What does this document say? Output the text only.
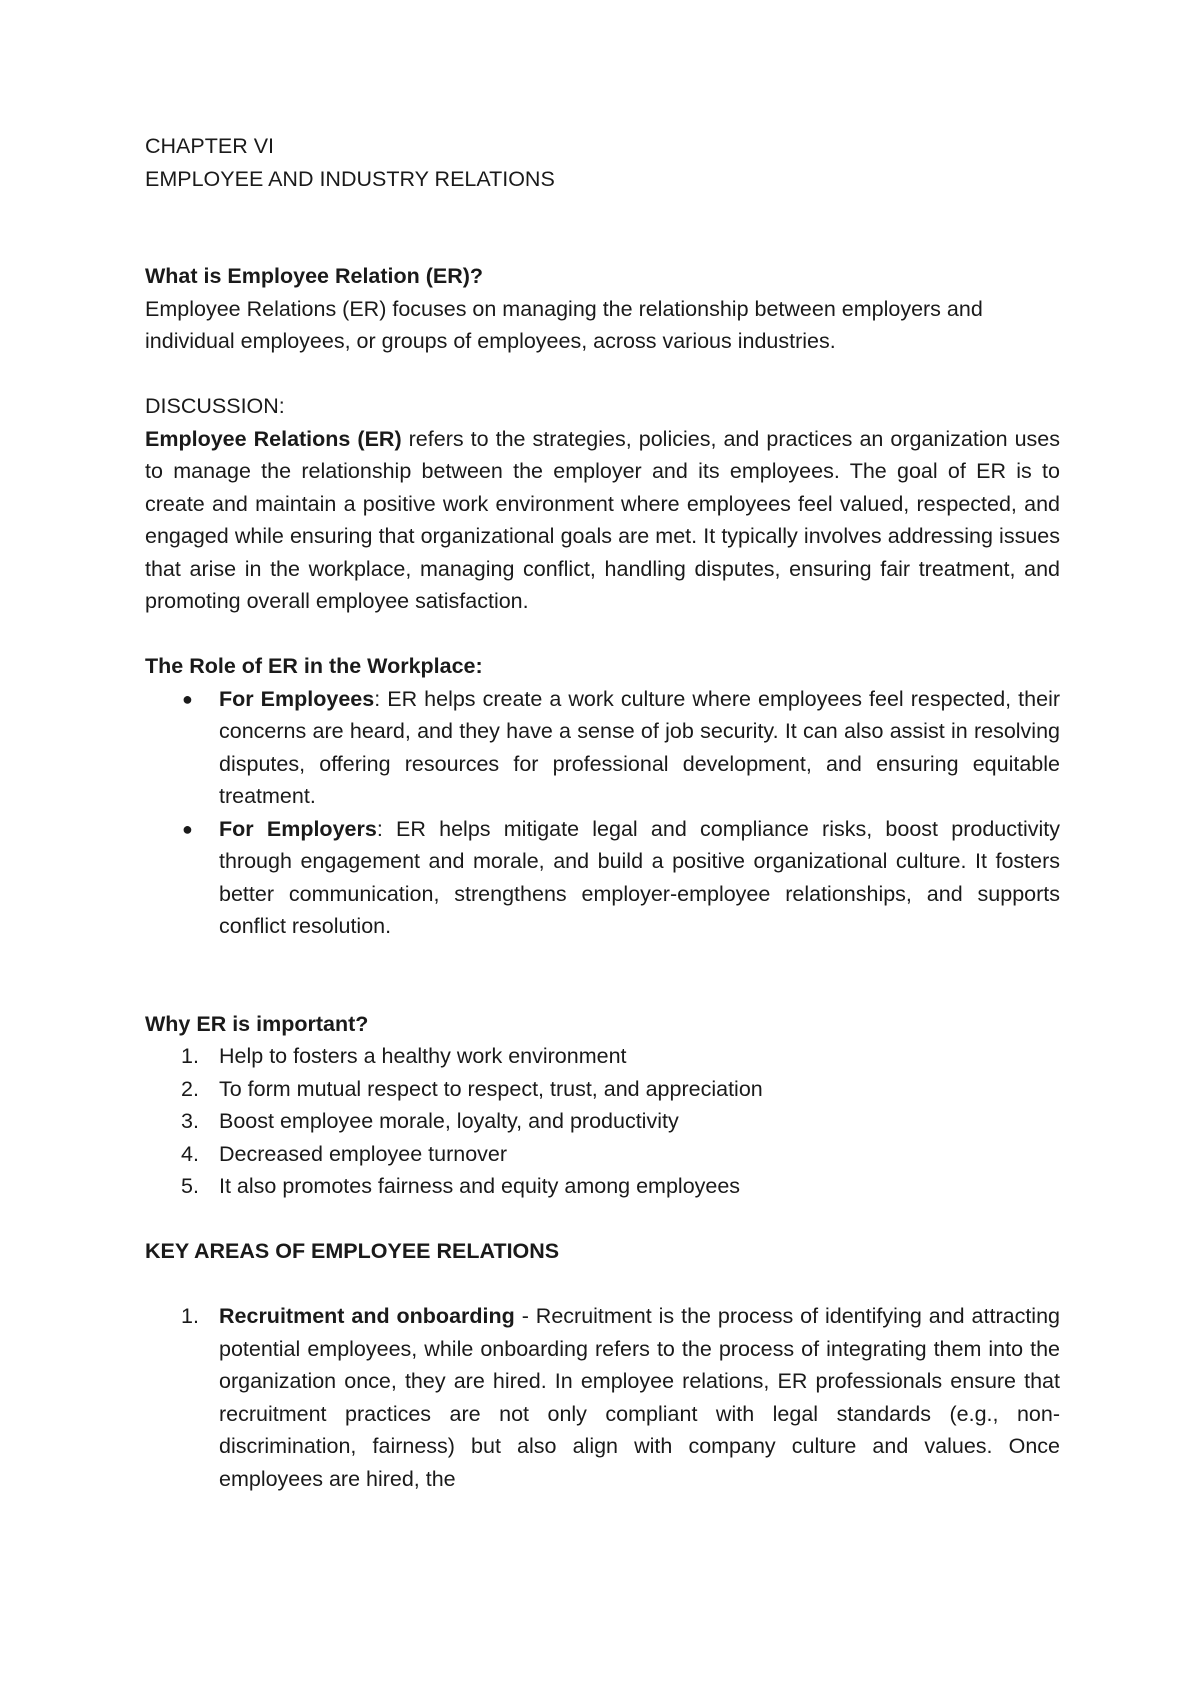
CHAPTER VI

EMPLOYEE AND INDUSTRY RELATIONS

What is Employee Relation (ER)?

Employee Relations (ER) focuses on managing the relationship between employers and individual employees, or groups of employees, across various industries.

DISCUSSION:

Employee Relations (ER) refers to the strategies, policies, and practices an organization uses to manage the relationship between the employer and its employees. The goal of ER is to create and maintain a positive work environment where employees feel valued, respected, and engaged while ensuring that organizational goals are met. It typically involves addressing issues that arise in the workplace, managing conflict, handling disputes, ensuring fair treatment, and promoting overall employee satisfaction.

The Role of ER in the Workplace:

●	For Employees: ER helps create a work culture where employees feel respected, their concerns are heard, and they have a sense of job security. It can also assist in resolving disputes, offering resources for professional development, and ensuring equitable treatment.
●	For Employers: ER helps mitigate legal and compliance risks, boost productivity through engagement and morale, and build a positive organizational culture. It fosters better communication, strengthens employer-employee relationships, and supports conflict resolution.

Why ER is important?

1. Help to fosters a healthy work environment
2. To form mutual respect to respect, trust, and appreciation
3. Boost employee morale, loyalty, and productivity
4. Decreased employee turnover
5. It also promotes fairness and equity among employees

KEY AREAS OF EMPLOYEE RELATIONS

1. Recruitment and onboarding - Recruitment is the process of identifying and attracting potential employees, while onboarding refers to the process of integrating them into the organization once, they are hired. In employee relations, ER professionals ensure that recruitment practices are not only compliant with legal standards (e.g., non-discrimination, fairness) but also align with company culture and values. Once employees are hired, the
